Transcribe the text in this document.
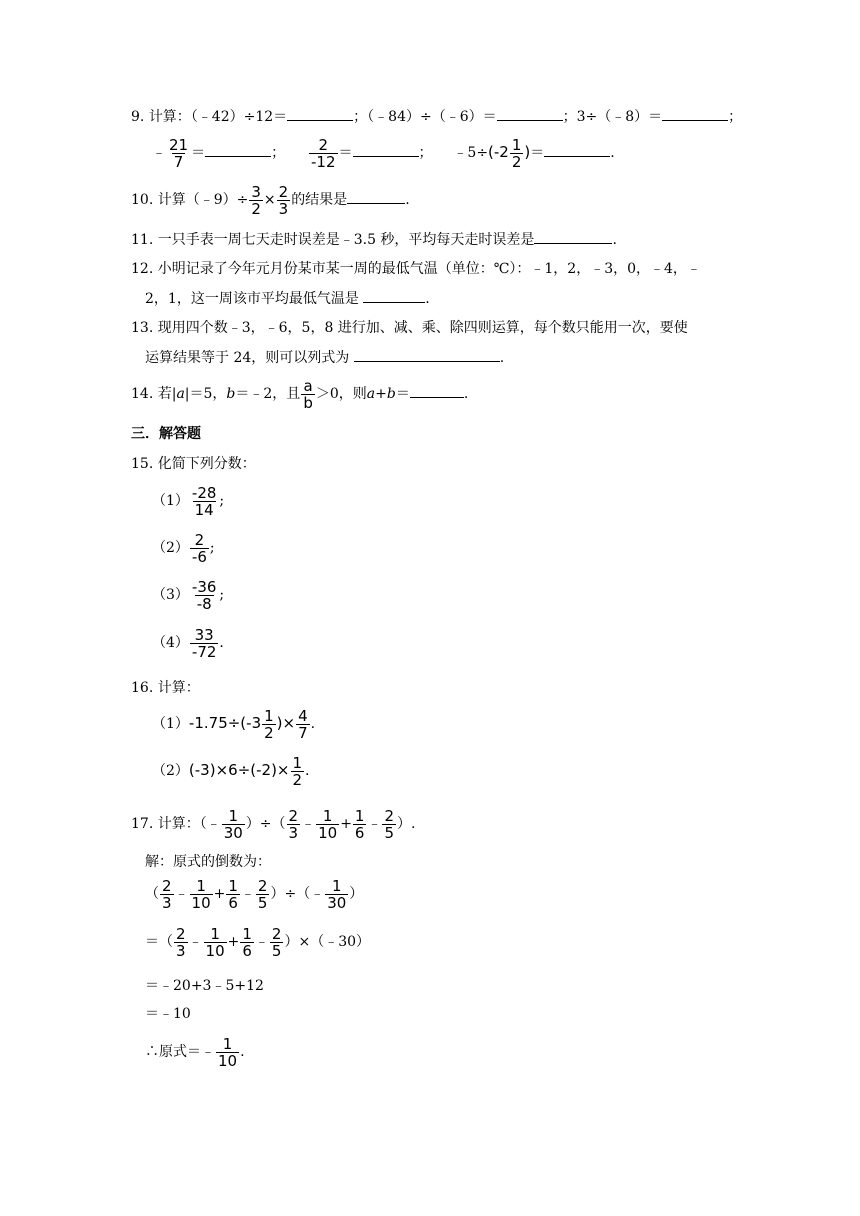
9. 计算：（﹣42）÷12＝	；（﹣84）÷（﹣6）＝	；3÷（﹣8）＝	；
﹣ $\frac{21}{7}$ ＝	； $\frac{2}{-12}$ ＝	； ﹣5÷(-2 $\frac{1}{2}$ )＝	.
10. 计算（﹣9）÷ $\frac{3}{2} \times \frac{2}{3}$ 的结果是	.
11. 一只手表一周七天走时误差是﹣3.5 秒，平均每天走时误差是	.
12. 小明记录了今年元月份某市某一周的最低气温（单位：℃）：﹣1，2，﹣3，0，﹣4，﹣
2，1，这一周该市平均最低气温是	.
13. 现用四个数﹣3，﹣6，5，8 进行加、减、乘、除四则运算，每个数只能用一次，要使
运算结果等于 24，则可以列式为	.
14. 若|a|＝5，b＝﹣2，且 $\frac{a}{b} >0$，则a+b＝	.
三．解答题
15. 化简下列分数：
$(1) \frac{-28}{14}$ ;
$(2) \frac{2}{-6}$ ;
$(3) \frac{-36}{-8}$ ;
$(4) \frac{33}{-72}$ .
16. 计算：
$(1)-1.75\div(-3 \frac{1}{2}$ )× $\frac{4}{7}$ .
$(2)(-3)\times 6\div(-2)\times \frac{1}{2}$ .
17. 计算：（﹣ $\frac{1}{30}$ ）÷（ $\frac{2}{3}$ ﹣ $\frac{1}{10} + \frac{1}{6}$ ﹣ $\frac{2}{5}$ ）.
解：原式的倒数为：
（ $\frac{2}{3}$ ﹣ $\frac{1}{10} + \frac{1}{6}$ ﹣ $\frac{2}{5}$ ）÷（﹣ $\frac{1}{30}$ ）
＝（ $\frac{2}{3}$ ﹣ $\frac{1}{10} + \frac{1}{6}$ ﹣ $\frac{2}{5}$ ）×（﹣30）
＝﹣20+3﹣5+12
＝﹣10
∴原式＝﹣ $\frac{1}{10}$ .
